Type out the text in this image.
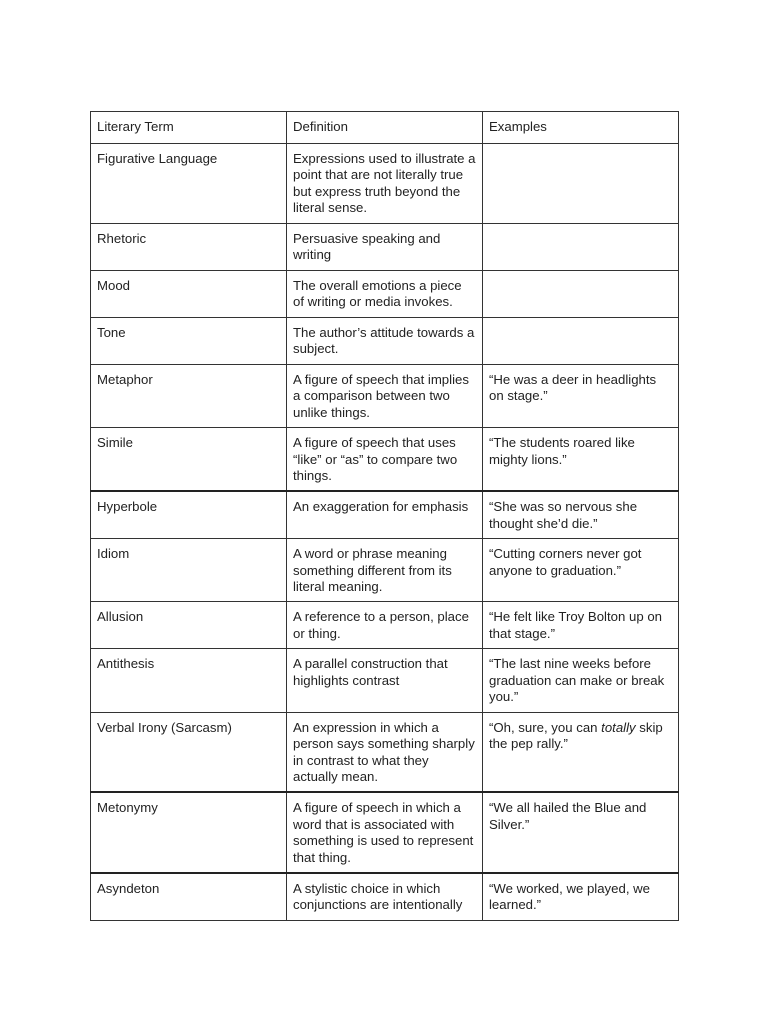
Literary Term	Definition	Examples
Figurative Language	Expressions used to illustrate a point that are not literally true but express truth beyond the literal sense.	
Rhetoric	Persuasive speaking and writing	
Mood	The overall emotions a piece of writing or media invokes.	
Tone	The author’s attitude towards a subject.	
Metaphor	A figure of speech that implies a comparison between two unlike things.	“He was a deer in headlights on stage.”
Simile	A figure of speech that uses “like” or “as” to compare two things.	“The students roared like mighty lions.”
Hyperbole	An exaggeration for emphasis	“She was so nervous she thought she’d die.”
Idiom	A word or phrase meaning something different from its literal meaning.	“Cutting corners never got anyone to graduation.”
Allusion	A reference to a person, place or thing.	“He felt like Troy Bolton up on that stage.”
Antithesis	A parallel construction that highlights contrast	“The last nine weeks before graduation can make or break you.”
Verbal Irony (Sarcasm)	An expression in which a person says something sharply in contrast to what they actually mean.	“Oh, sure, you can totally skip the pep rally.”
Metonymy	A figure of speech in which a word that is associated with something is used to represent that thing.	“We all hailed the Blue and Silver.”
Asyndeton	A stylistic choice in which conjunctions are intentionally	“We worked, we played, we learned.”
